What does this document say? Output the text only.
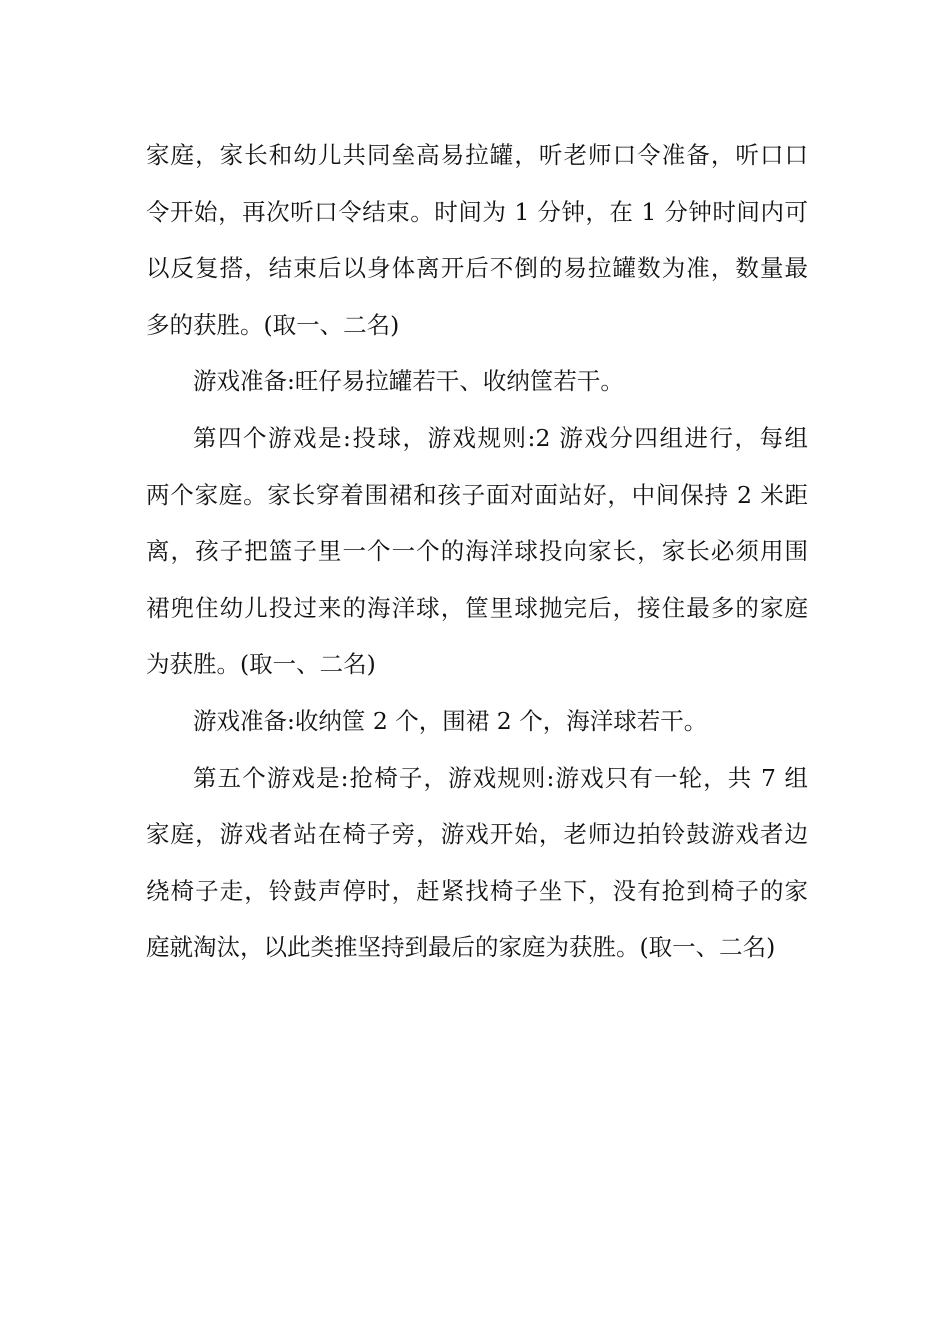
家庭，家长和幼儿共同垒高易拉罐，听老师口令准备，听口口
令开始，再次听口令结束。时间为 1 分钟，在 1 分钟时间内可
以反复搭，结束后以身体离开后不倒的易拉罐数为准，数量最
多的获胜。(取一、二名)
游戏准备:旺仔易拉罐若干、收纳筐若干。
第四个游戏是:投球，游戏规则:2 游戏分四组进行，每组
两个家庭。家长穿着围裙和孩子面对面站好，中间保持 2 米距
离，孩子把篮子里一个一个的海洋球投向家长，家长必须用围
裙兜住幼儿投过来的海洋球，筐里球抛完后，接住最多的家庭
为获胜。(取一、二名)
游戏准备:收纳筐 2 个，围裙 2 个，海洋球若干。
第五个游戏是:抢椅子，游戏规则:游戏只有一轮，共 7 组
家庭，游戏者站在椅子旁，游戏开始，老师边拍铃鼓游戏者边
绕椅子走，铃鼓声停时，赶紧找椅子坐下，没有抢到椅子的家
庭就淘汰，以此类推坚持到最后的家庭为获胜。(取一、二名)
